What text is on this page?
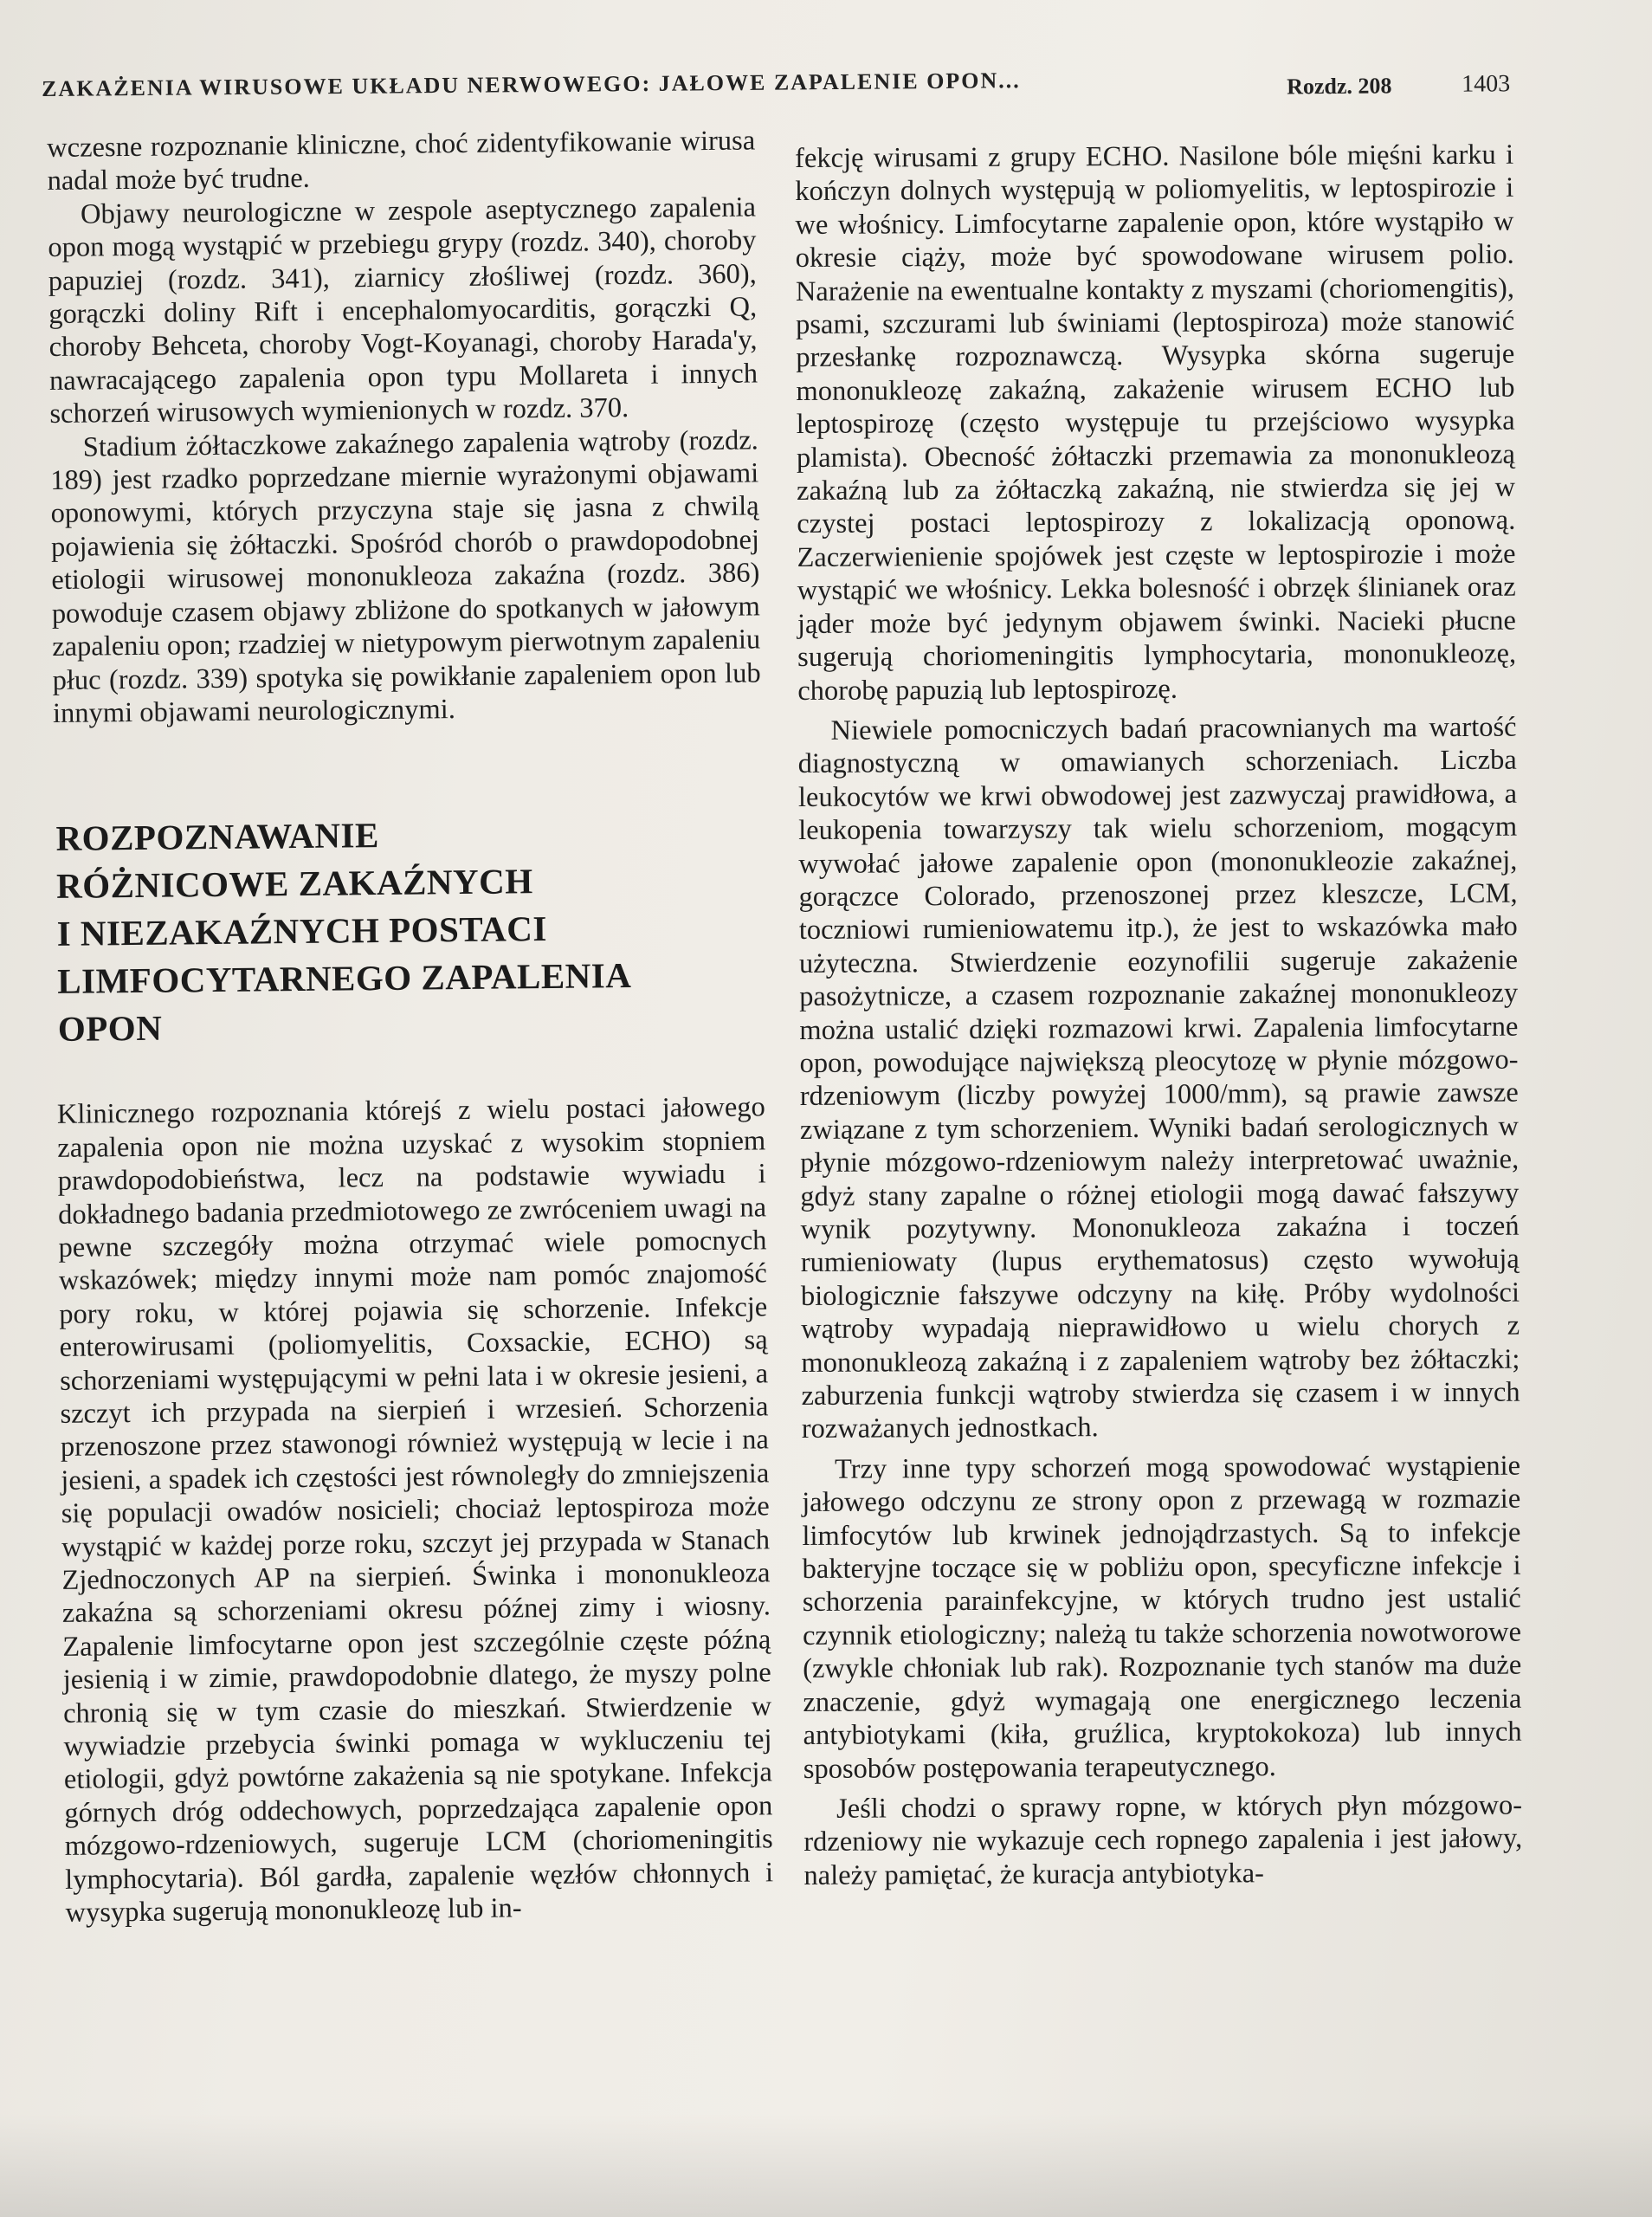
ZAKAŻENIA WIRUSOWE UKŁADU NERWOWEGO: JAŁOWE ZAPALENIE OPON...	Rozdz. 208	1403

wczesne rozpoznanie kliniczne, choć zidentyfikowanie wirusa nadal może być trudne.

Objawy neurologiczne w zespole aseptycznego zapalenia opon mogą wystąpić w przebiegu grypy (rozdz. 340), choroby papuziej (rozdz. 341), ziarnicy złośliwej (rozdz. 360), gorączki doliny Rift i encephalomyocarditis, gorączki Q, choroby Behceta, choroby Vogt-Koyanagi, choroby Harada'y, nawracającego zapalenia opon typu Mollareta i innych schorzeń wirusowych wymienionych w rozdz. 370.

Stadium żółtaczkowe zakaźnego zapalenia wątroby (rozdz. 189) jest rzadko poprzedzane miernie wyrażonymi objawami oponowymi, których przyczyna staje się jasna z chwilą pojawienia się żółtaczki. Spośród chorób o prawdopodobnej etiologii wirusowej mononukleoza zakaźna (rozdz. 386) powoduje czasem objawy zbliżone do spotkanych w jałowym zapaleniu opon; rzadziej w nietypowym pierwotnym zapaleniu płuc (rozdz. 339) spotyka się powikłanie zapaleniem opon lub innymi objawami neurologicznymi.

ROZPOZNAWANIE
RÓŻNICOWE ZAKAŹNYCH
I NIEZAKAŹNYCH POSTACI
LIMFOCYTARNEGO ZAPALENIA
OPON

Klinicznego rozpoznania którejś z wielu postaci jałowego zapalenia opon nie można uzyskać z wysokim stopniem prawdopodobieństwa, lecz na podstawie wywiadu i dokładnego badania przedmiotowego ze zwróceniem uwagi na pewne szczegóły można otrzymać wiele pomocnych wskazówek; między innymi może nam pomóc znajomość pory roku, w której pojawia się schorzenie. Infekcje enterowirusami (poliomyelitis, Coxsackie, ECHO) są schorzeniami występującymi w pełni lata i w okresie jesieni, a szczyt ich przypada na sierpień i wrzesień. Schorzenia przenoszone przez stawonogi również występują w lecie i na jesieni, a spadek ich częstości jest równoległy do zmniejszenia się populacji owadów nosicieli; chociaż leptospiroza może wystąpić w każdej porze roku, szczyt jej przypada w Stanach Zjednoczonych AP na sierpień. Świnka i mononukleoza zakaźna są schorzeniami okresu późnej zimy i wiosny. Zapalenie limfocytarne opon jest szczególnie częste późną jesienią i w zimie, prawdopodobnie dlatego, że myszy polne chronią się w tym czasie do mieszkań. Stwierdzenie w wywiadzie przebycia świnki pomaga w wykluczeniu tej etiologii, gdyż powtórne zakażenia są nie spotykane. Infekcja górnych dróg oddechowych, poprzedzająca zapalenie opon mózgowo-rdzeniowych, sugeruje LCM (choriomeningitis lymphocytaria). Ból gardła, zapalenie węzłów chłonnych i wysypka sugerują mononukleozę lub in-

fekcję wirusami z grupy ECHO. Nasilone bóle mięśni karku i kończyn dolnych występują w poliomyelitis, w leptospirozie i we włośnicy. Limfocytarne zapalenie opon, które wystąpiło w okresie ciąży, może być spowodowane wirusem polio. Narażenie na ewentualne kontakty z myszami (choriomengitis), psami, szczurami lub świniami (leptospiroza) może stanowić przesłankę rozpoznawczą. Wysypka skórna sugeruje mononukleozę zakaźną, zakażenie wirusem ECHO lub leptospirozę (często występuje tu przejściowo wysypka plamista). Obecność żółtaczki przemawia za mononukleozą zakaźną lub za żółtaczką zakaźną, nie stwierdza się jej w czystej postaci leptospirozy z lokalizacją oponową. Zaczerwienienie spojówek jest częste w leptospirozie i może wystąpić we włośnicy. Lekka bolesność i obrzęk ślinianek oraz jąder może być jedynym objawem świnki. Nacieki płucne sugerują choriomeningitis lymphocytaria, mononukleozę, chorobę papuzią lub leptospirozę.

Niewiele pomocniczych badań pracownianych ma wartość diagnostyczną w omawianych schorzeniach. Liczba leukocytów we krwi obwodowej jest zazwyczaj prawidłowa, a leukopenia towarzyszy tak wielu schorzeniom, mogącym wywołać jałowe zapalenie opon (mononukleozie zakaźnej, gorączce Colorado, przenoszonej przez kleszcze, LCM, toczniowi rumieniowatemu itp.), że jest to wskazówka mało użyteczna. Stwierdzenie eozynofilii sugeruje zakażenie pasożytnicze, a czasem rozpoznanie zakaźnej mononukleozy można ustalić dzięki rozmazowi krwi. Zapalenia limfocytarne opon, powodujące największą pleocytozę w płynie mózgowo-rdzeniowym (liczby powyżej 1000/mm), są prawie zawsze związane z tym schorzeniem. Wyniki badań serologicznych w płynie mózgowo-rdzeniowym należy interpretować uważnie, gdyż stany zapalne o różnej etiologii mogą dawać fałszywy wynik pozytywny. Mononukleoza zakaźna i toczeń rumieniowaty (lupus erythematosus) często wywołują biologicznie fałszywe odczyny na kiłę. Próby wydolności wątroby wypadają nieprawidłowo u wielu chorych z mononukleozą zakaźną i z zapaleniem wątroby bez żółtaczki; zaburzenia funkcji wątroby stwierdza się czasem i w innych rozważanych jednostkach.

Trzy inne typy schorzeń mogą spowodować wystąpienie jałowego odczynu ze strony opon z przewagą w rozmazie limfocytów lub krwinek jednojądrzastych. Są to infekcje bakteryjne toczące się w pobliżu opon, specyficzne infekcje i schorzenia parainfekcyjne, w których trudno jest ustalić czynnik etiologiczny; należą tu także schorzenia nowotworowe (zwykle chłoniak lub rak). Rozpoznanie tych stanów ma duże znaczenie, gdyż wymagają one energicznego leczenia antybiotykami (kiła, gruźlica, kryptokokoza) lub innych sposobów postępowania terapeutycznego.

Jeśli chodzi o sprawy ropne, w których płyn mózgowo-rdzeniowy nie wykazuje cech ropnego zapalenia i jest jałowy, należy pamiętać, że kuracja antybiotyka-
